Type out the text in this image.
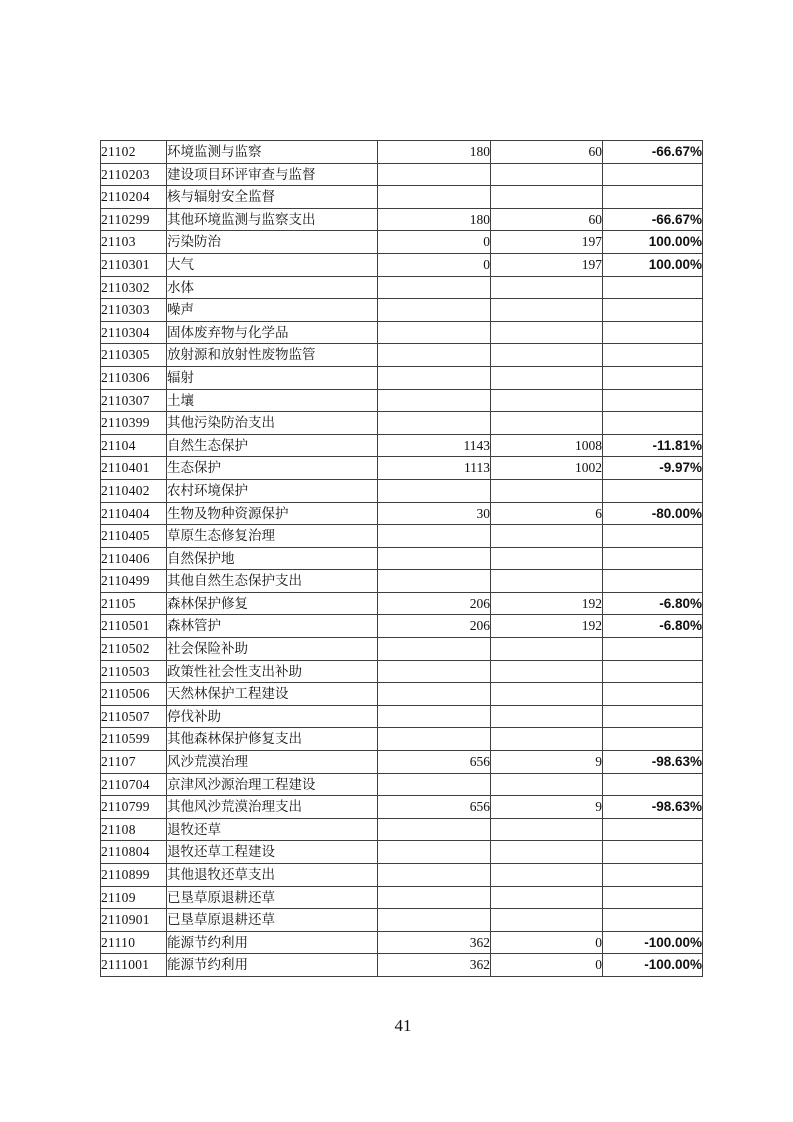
21102	环境监测与监察	180	60	-66.67%
2110203	建设项目环评审查与监督			
2110204	核与辐射安全监督			
2110299	其他环境监测与监察支出	180	60	-66.67%
21103	污染防治	0	197	100.00%
2110301	大气	0	197	100.00%
2110302	水体			
2110303	噪声			
2110304	固体废弃物与化学品			
2110305	放射源和放射性废物监管			
2110306	辐射			
2110307	土壤			
2110399	其他污染防治支出			
21104	自然生态保护	1143	1008	-11.81%
2110401	生态保护	1113	1002	-9.97%
2110402	农村环境保护			
2110404	生物及物种资源保护	30	6	-80.00%
2110405	草原生态修复治理			
2110406	自然保护地			
2110499	其他自然生态保护支出			
21105	森林保护修复	206	192	-6.80%
2110501	森林管护	206	192	-6.80%
2110502	社会保险补助			
2110503	政策性社会性支出补助			
2110506	天然林保护工程建设			
2110507	停伐补助			
2110599	其他森林保护修复支出			
21107	风沙荒漠治理	656	9	-98.63%
2110704	京津风沙源治理工程建设			
2110799	其他风沙荒漠治理支出	656	9	-98.63%
21108	退牧还草			
2110804	退牧还草工程建设			
2110899	其他退牧还草支出			
21109	已垦草原退耕还草			
2110901	已垦草原退耕还草			
21110	能源节约利用	362	0	-100.00%
2111001	能源节约利用	362	0	-100.00%
41
